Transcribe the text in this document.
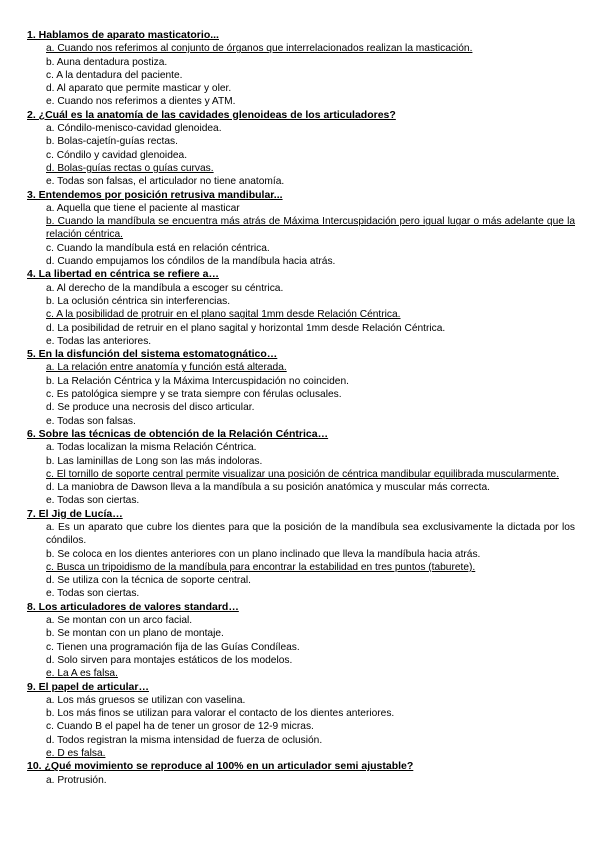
1. Hablamos de aparato masticatorio...
a. Cuando nos referimos al conjunto de órganos que interrelacionados realizan la masticación.
b. Auna dentadura postiza.
c. A la dentadura del paciente.
d. Al aparato que permite masticar y oler.
e. Cuando nos referimos a dientes y ATM.
2. ¿Cuál es la anatomía de las cavidades glenoideas de los articuladores?
a. Cóndilo-menisco-cavidad glenoidea.
b. Bolas-cajetín-guías rectas.
c. Cóndilo y cavidad glenoidea.
d. Bolas-guías rectas o guías curvas.
e. Todas son falsas, el articulador no tiene anatomía.
3. Entendemos por posición retrusiva mandibular...
a. Aquella que tiene el paciente al masticar
b. Cuando la mandíbula se encuentra más atrás de Máxima Intercuspidación pero igual lugar o más adelante que la relación céntrica.
c. Cuando la mandíbula está en relación céntrica.
d. Cuando empujamos los cóndilos de la mandíbula hacia atrás.
4. La libertad en céntrica se refiere a…
a. Al derecho de la mandíbula a escoger su céntrica.
b. La oclusión céntrica sin interferencias.
c. A la posibilidad de protruir en el plano sagital 1mm desde Relación Céntrica.
d. La posibilidad de retruir en el plano sagital y horizontal 1mm desde Relación Céntrica.
e. Todas las anteriores.
5. En la disfunción del sistema estomatognático…
a. La relación entre anatomía y función está alterada.
b. La Relación Céntrica y la Máxima Intercuspidación no coinciden.
c. Es patológica siempre y se trata siempre con férulas oclusales.
d. Se produce una necrosis del disco articular.
e. Todas son falsas.
6. Sobre las técnicas de obtención de la Relación Céntrica…
a. Todas localizan la misma Relación Céntrica.
b. Las laminillas de Long son las más indoloras.
c. El tornillo de soporte central permite visualizar una posición de céntrica mandibular equilibrada muscularmente.
d. La maniobra de Dawson lleva a la mandíbula a su posición anatómica y muscular más correcta.
e. Todas son ciertas.
7. El Jig de Lucía…
a. Es un aparato que cubre los dientes para que la posición de la mandíbula sea exclusivamente la dictada por los cóndilos.
b. Se coloca en los dientes anteriores con un plano inclinado que lleva la mandíbula hacia atrás.
c. Busca un tripoidismo de la mandíbula para encontrar la estabilidad en tres puntos (taburete).
d. Se utiliza con la técnica de soporte central.
e. Todas son ciertas.
8. Los articuladores de valores standard…
a. Se montan con un arco facial.
b. Se montan con un plano de montaje.
c. Tienen una programación fija de las Guías Condíleas.
d. Solo sirven para montajes estáticos de los modelos.
e. La A es falsa.
9. El papel de articular…
a. Los más gruesos se utilizan con vaselina.
b. Los más finos se utilizan para valorar el contacto de los dientes anteriores.
c. Cuando B el papel ha de tener un grosor de 12-9 micras.
d. Todos registran la misma intensidad de fuerza de oclusión.
e. D es falsa.
10. ¿Qué movimiento se reproduce al 100% en un articulador semi ajustable?
a. Protrusión.
